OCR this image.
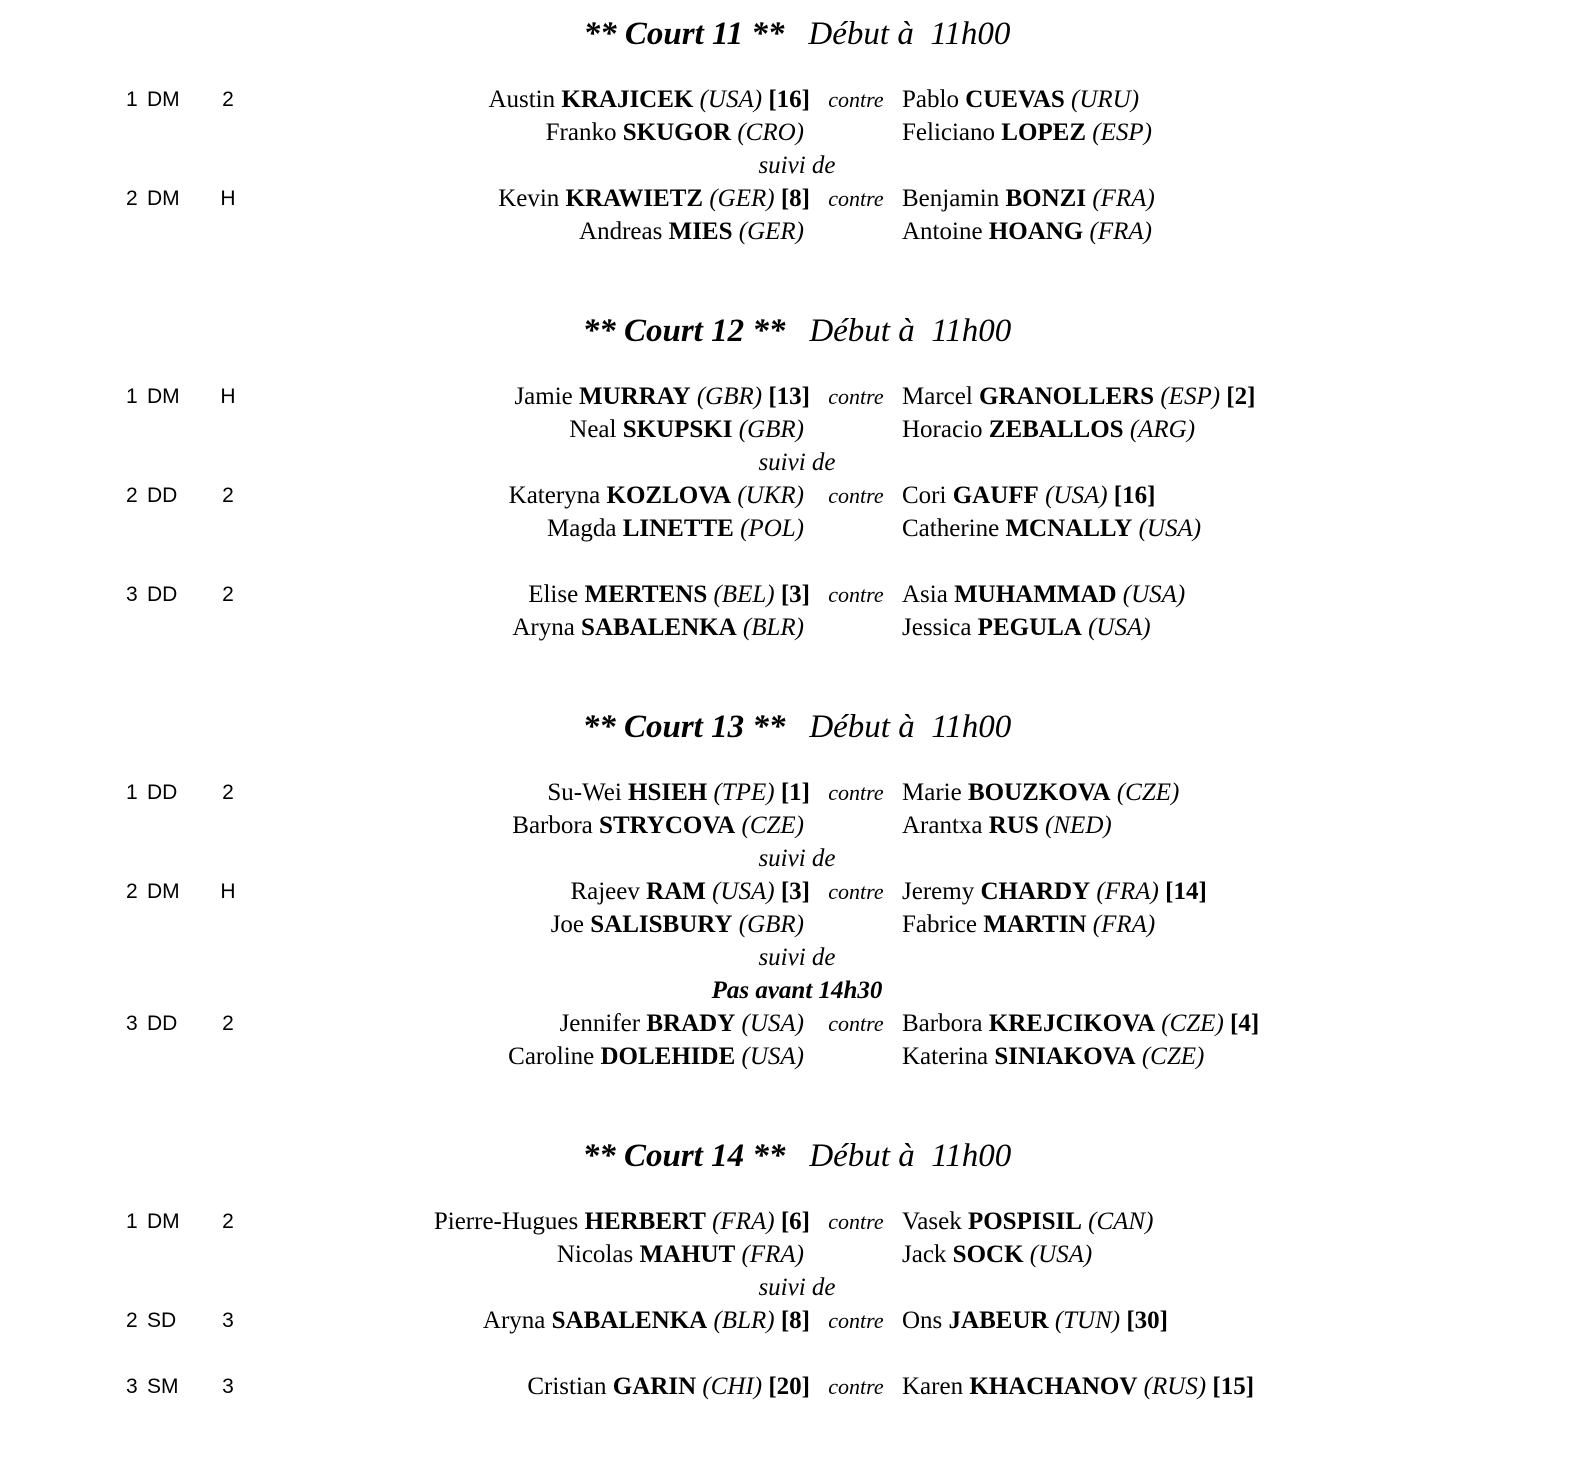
** Court 11 ** Début à  11h00
1 DM	2	contre
Austin KRAJICEK (USA) [16]	Pablo CUEVAS (URU)
Franko SKUGOR (CRO)	Feliciano LOPEZ (ESP)
suivi de
2 DM	H	contre
Kevin KRAWIETZ (GER) [8]	Benjamin BONZI (FRA)
Andreas MIES (GER)	Antoine HOANG (FRA)
** Court 12 ** Début à  11h00
1 DM	H	contre
Jamie MURRAY (GBR) [13]	Marcel GRANOLLERS (ESP) [2]
Neal SKUPSKI (GBR)	Horacio ZEBALLOS (ARG)
suivi de
2 DD	2	contre
Kateryna KOZLOVA (UKR)	Cori GAUFF (USA) [16]
Magda LINETTE (POL)	Catherine MCNALLY (USA)
3 DD	2	contre
Elise MERTENS (BEL) [3]	Asia MUHAMMAD (USA)
Aryna SABALENKA (BLR)	Jessica PEGULA (USA)
** Court 13 ** Début à  11h00
1 DD	2	contre
Su-Wei HSIEH (TPE) [1]	Marie BOUZKOVA (CZE)
Barbora STRYCOVA (CZE)	Arantxa RUS (NED)
suivi de
2 DM	H	contre
Rajeev RAM (USA) [3]	Jeremy CHARDY (FRA) [14]
Joe SALISBURY (GBR)	Fabrice MARTIN (FRA)
suivi de
Pas avant 14h30
3 DD	2	contre
Jennifer BRADY (USA)	Barbora KREJCIKOVA (CZE) [4]
Caroline DOLEHIDE (USA)	Katerina SINIAKOVA (CZE)
** Court 14 ** Début à  11h00
1 DM	2	contre
Pierre-Hugues HERBERT (FRA) [6]	Vasek POSPISIL (CAN)
Nicolas MAHUT (FRA)	Jack SOCK (USA)
suivi de
2 SD	3	contre
Aryna SABALENKA (BLR) [8]	Ons JABEUR (TUN) [30]
3 SM	3	contre
Cristian GARIN (CHI) [20]	Karen KHACHANOV (RUS) [15]
